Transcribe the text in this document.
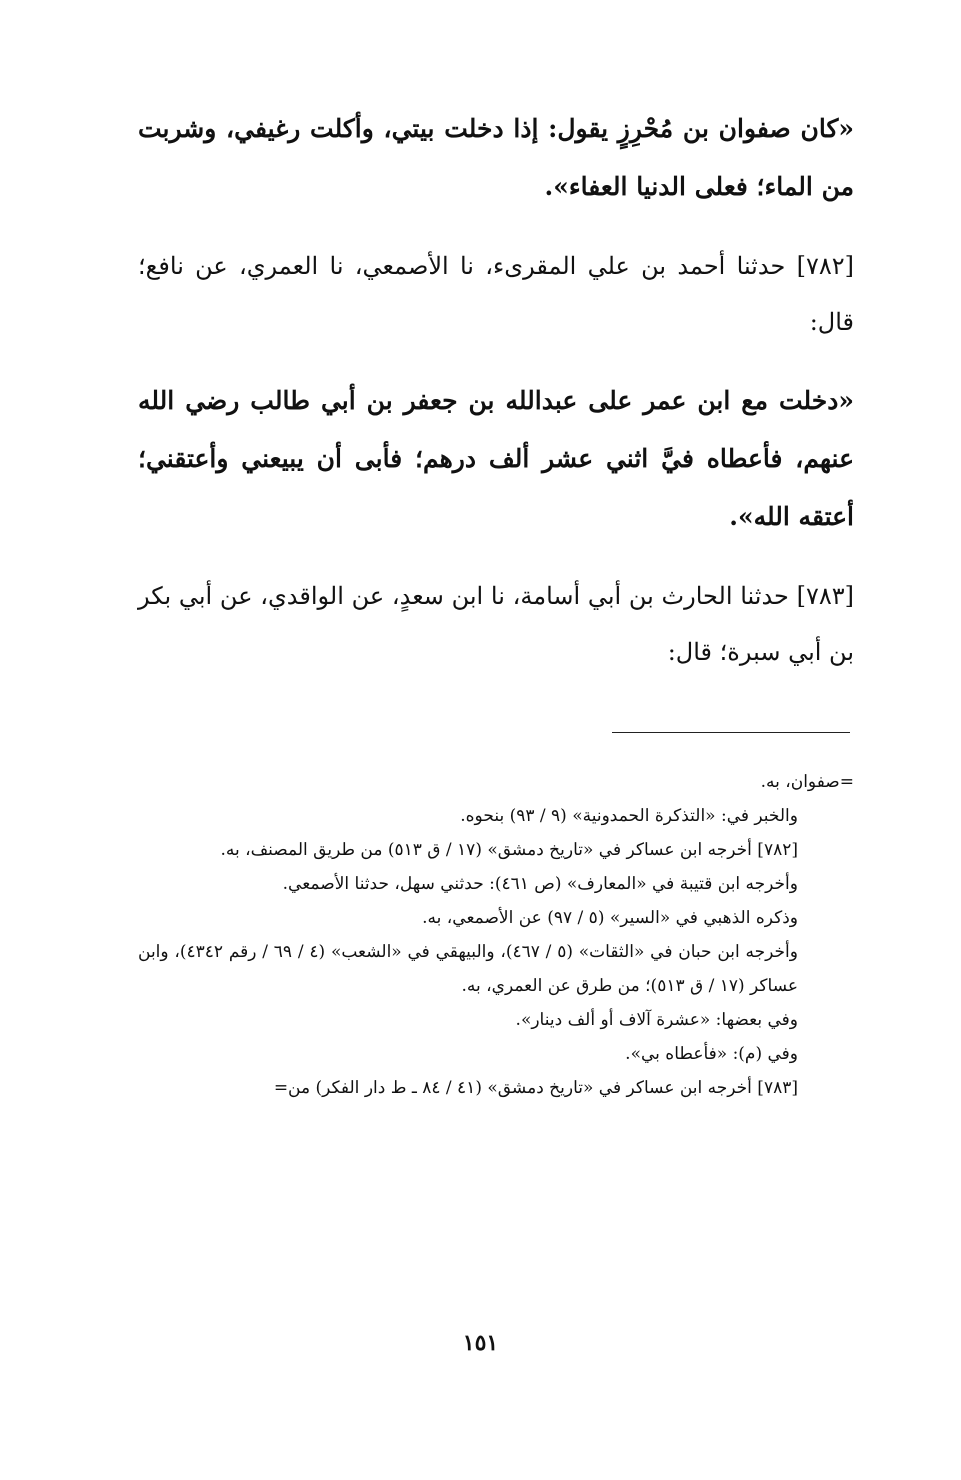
«كان صفوان بن مُحْرِزٍ يقول: إذا دخلت بيتي، وأكلت رغيفي، وشربت من الماء؛ فعلى الدنيا العفاء».

[٧٨٢] حدثنا أحمد بن علي المقرىء، نا الأصمعي، نا العمري، عن نافع؛ قال:

«دخلت مع ابن عمر على عبدالله بن جعفر بن أبي طالب رضي الله عنهم، فأعطاه فيَّ اثني عشر ألف درهم؛ فأبى أن يبيعني وأعتقني؛ أعتقه الله».

[٧٨٣] حدثنا الحارث بن أبي أسامة، نا ابن سعدٍ، عن الواقدي، عن أبي بكر بن أبي سبرة؛ قال:

=صفوان، به.

والخبر في: «التذكرة الحمدونية» (٩ / ٩٣) بنحوه.

[٧٨٢] أخرجه ابن عساكر في «تاريخ دمشق» (١٧ / ق ٥١٣) من طريق المصنف، به.

وأخرجه ابن قتيبة في «المعارف» (ص ٤٦١): حدثني سهل، حدثنا الأصمعي.

وذكره الذهبي في «السير» (٥ / ٩٧) عن الأصمعي، به.

وأخرجه ابن حبان في «الثقات» (٥ / ٤٦٧)، والبيهقي في «الشعب» (٤ / ٦٩ / رقم ٤٣٤٢)، وابن عساكر (١٧ / ق ٥١٣)؛ من طرق عن العمري، به.

وفي بعضها: «عشرة آلاف أو ألف دينار».

وفي (م): «فأعطاه بي».

[٧٨٣] أخرجه ابن عساكر في «تاريخ دمشق» (٤١ / ٨٤ ـ ط دار الفكر) من=

١٥١
